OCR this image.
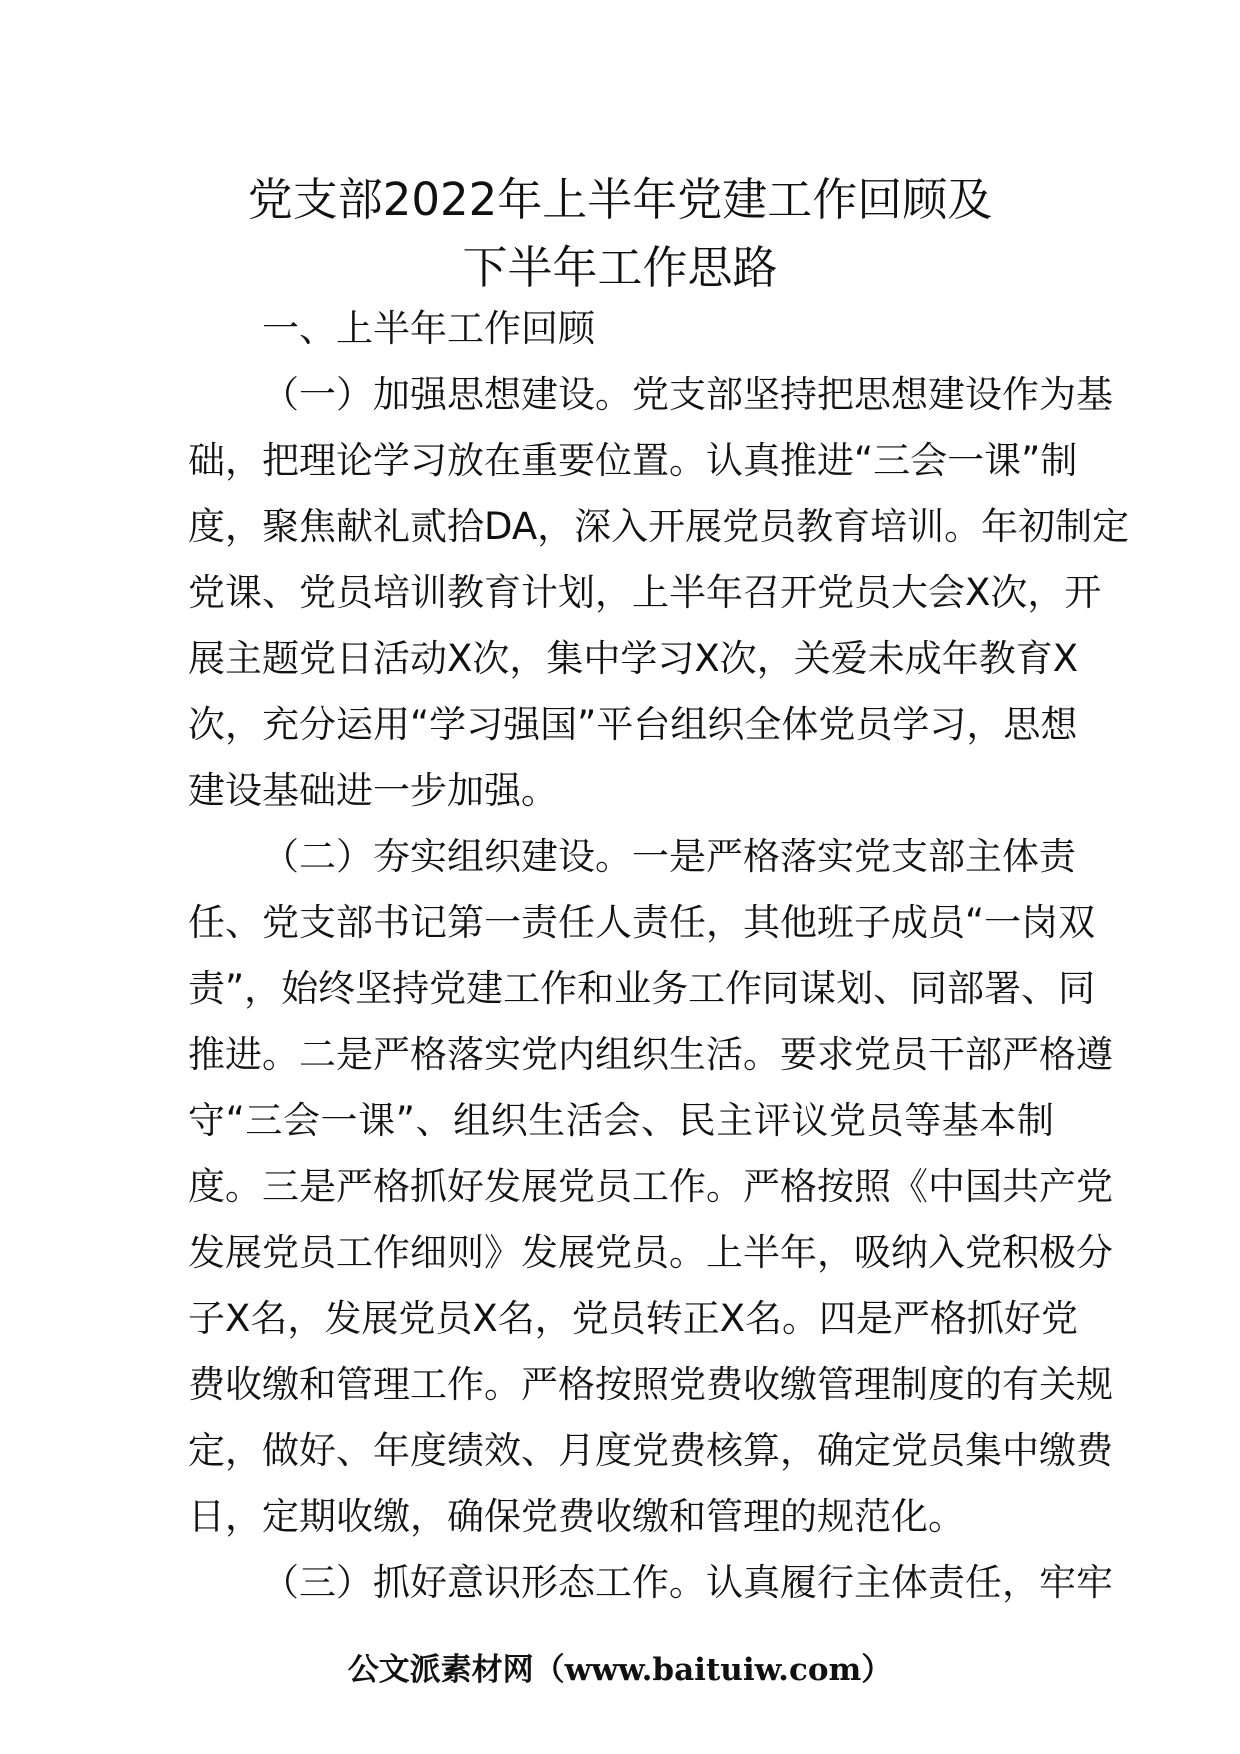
党支部2022年上半年党建工作回顾及
下半年工作思路
一、上半年工作回顾
（一）加强思想建设。党支部坚持把思想建设作为基
础，把理论学习放在重要位置。认真推进“三会一课”制
度，聚焦献礼贰拾DA，深入开展党员教育培训。年初制定
党课、党员培训教育计划，上半年召开党员大会X次，开
展主题党日活动X次，集中学习X次，关爱未成年教育X
次，充分运用“学习强国”平台组织全体党员学习，思想
建设基础进一步加强。
（二）夯实组织建设。一是严格落实党支部主体责
任、党支部书记第一责任人责任，其他班子成员“一岗双
责”，始终坚持党建工作和业务工作同谋划、同部署、同
推进。二是严格落实党内组织生活。要求党员干部严格遵
守“三会一课”、组织生活会、民主评议党员等基本制
度。三是严格抓好发展党员工作。严格按照《中国共产党
发展党员工作细则》发展党员。上半年，吸纳入党积极分
子X名，发展党员X名，党员转正X名。四是严格抓好党
费收缴和管理工作。严格按照党费收缴管理制度的有关规
定，做好、年度绩效、月度党费核算，确定党员集中缴费
日，定期收缴，确保党费收缴和管理的规范化。
（三）抓好意识形态工作。认真履行主体责任，牢牢
公文派素材网（www.baituiw.com）
